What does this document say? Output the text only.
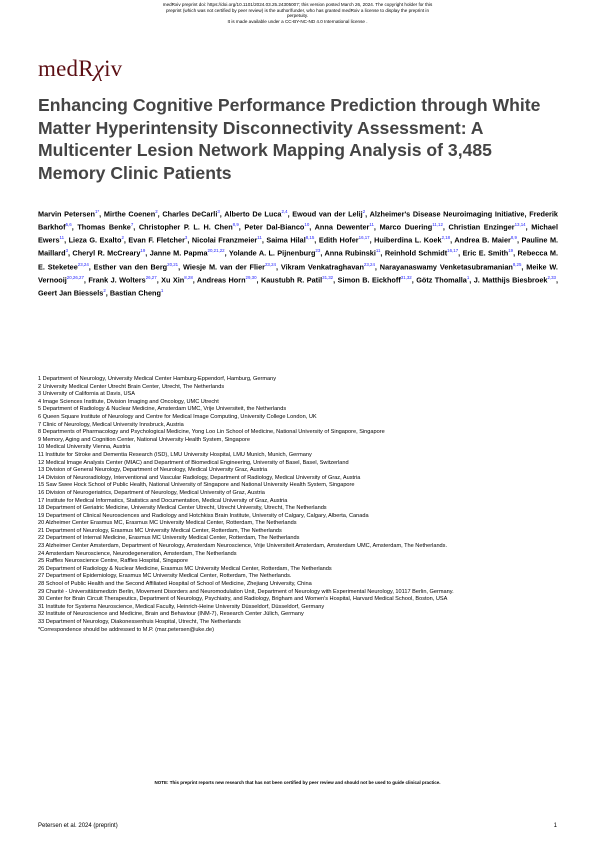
medRxiv preprint doi: https://doi.org/10.1101/2024.03.25.24305007; this version posted March 26, 2024. The copyright holder for this
preprint (which was not certified by peer review) is the author/funder, who has granted medRxiv a license to display the preprint in
perpetuity.
It is made available under a CC-BY-NC-ND 4.0 International license .
medRχiv
Enhancing Cognitive Performance Prediction through White Matter Hyperintensity Disconnectivity Assessment: A Multicenter Lesion Network Mapping Analysis of 3,485 Memory Clinic Patients
Marvin Petersen$^{1*}$, Mirthe Coenen$^2$, Charles DeCarli$^3$, Alberto De Luca$^{2,4}$, Ewoud van der Lelij$^2$, Alzheimer's Disease Neuroimaging Initiative, Frederik Barkhof$^{5,6}$, Thomas Benke$^7$, Christopher P. L. H. Chen$^{8,9}$, Peter Dal-Bianco$^{10}$, Anna Dewenter$^{11}$, Marco Duering$^{11,12}$, Christian Enzinger$^{13,14}$, Michael Ewers$^{11}$, Lieza G. Exalto$^2$, Evan F. Fletcher$^3$, Nicolai Franzmeier$^{11}$, Saima Hilal$^{8,15}$, Edith Hofer$^{16,17}$, Huiberdina L. Koek$^{2,18}$, Andrea B. Maier$^{8,9}$, Pauline M. Maillard$^3$, Cheryl R. McCreary$^{19}$, Janne M. Papma$^{20,21,22}$, Yolande A. L. Pijnenburg$^{23}$, Anna Rubinski$^{11}$, Reinhold Schmidt$^{16,17}$, Eric E. Smith$^{19}$, Rebecca M. E. Steketee$^{23,24}$, Esther van den Berg$^{20,21}$, Wiesje M. van der Flier$^{23,24}$, Vikram Venkatraghavan$^{23,24}$, Narayanaswamy Venketasubramanian$^{8,25}$, Meike W. Vernooij$^{20,26,27}$, Frank J. Wolters$^{26,27}$, Xu Xin$^{8,28}$, Andreas Horn$^{29,30}$, Kaustubh R. Patil$^{31,32}$, Simon B. Eickhoff$^{31,32}$, Götz Thomalla$^1$, J. Matthijs Biesbroek$^{2,33}$, Geert Jan Biessels$^2$, Bastian Cheng$^1$
1 Department of Neurology, University Medical Center Hamburg-Eppendorf, Hamburg, Germany
2 University Medical Center Utrecht Brain Center, Utrecht, The Netherlands
3 University of California at Davis, USA
4 Image Sciences Institute, Division Imaging and Oncology, UMC Utrecht
5 Department of Radiology & Nuclear Medicine, Amsterdam UMC, Vrije Universiteit, the Netherlands
6 Queen Square Institute of Neurology and Centre for Medical Image Computing, University College London, UK
7 Clinic of Neurology, Medical University Innsbruck, Austria
8 Departments of Pharmacology and Psychological Medicine, Yong Loo Lin School of Medicine, National University of Singapore, Singapore
9 Memory, Aging and Cognition Center, National University Health System, Singapore
10 Medical University Vienna, Austria
11 Institute for Stroke and Dementia Research (ISD), LMU University Hospital, LMU Munich, Munich, Germany
12 Medical Image Analysis Center (MIAC) and Department of Biomedical Engineering, University of Basel, Basel, Switzerland
13 Division of General Neurology, Department of Neurology, Medical University Graz, Austria
14 Division of Neuroradiology, Interventional and Vascular Radiology, Department of Radiology, Medical University of Graz, Austria
15 Saw Swee Hock School of Public Health, National University of Singapore and National University Health System, Singapore
16 Division of Neurogeriatrics, Department of Neurology, Medical University of Graz, Austria
17 Institute for Medical Informatics, Statistics and Documentation, Medical University of Graz, Austria
18 Department of Geriatric Medicine, University Medical Center Utrecht, Utrecht University, Utrecht, The Netherlands
19 Department of Clinical Neurosciences and Radiology and Hotchkiss Brain Institute, University of Calgary, Calgary, Alberta, Canada
20 Alzheimer Center Erasmus MC, Erasmus MC University Medical Center, Rotterdam, The Netherlands
21 Department of Neurology, Erasmus MC University Medical Center, Rotterdam, The Netherlands
22 Department of Internal Medicine, Erasmus MC University Medical Center, Rotterdam, The Netherlands
23 Alzheimer Center Amsterdam, Department of Neurology, Amsterdam Neuroscience, Vrije Universiteit Amsterdam, Amsterdam UMC, Amsterdam, The Netherlands.
24 Amsterdam Neuroscience, Neurodegeneration, Amsterdam, The Netherlands
25 Raffles Neuroscience Centre, Raffles Hospital, Singapore
26 Department of Radiology & Nuclear Medicine, Erasmus MC University Medical Center, Rotterdam, The Netherlands
27 Department of Epidemiology, Erasmus MC University Medical Center, Rotterdam, The Netherlands.
28 School of Public Health and the Second Affiliated Hospital of School of Medicine, Zhejiang University, China
29 Charité - Universitätsmedizin Berlin, Movement Disorders and Neuromodulation Unit, Department of Neurology with Experimental Neurology, 10117 Berlin, Germany.
30 Center for Brain Circuit Therapeutics, Department of Neurology, Psychiatry, and Radiology, Brigham and Women's Hospital, Harvard Medical School, Boston, USA
31 Institute for Systems Neuroscience, Medical Faculty, Heinrich-Heine University Düsseldorf, Düsseldorf, Germany
32 Institute of Neuroscience and Medicine, Brain and Behaviour (INM-7), Research Center Jülich, Germany
33 Department of Neurology, Diakonessenhuis Hospital, Utrecht, The Netherlands
*Correspondence should be addressed to M.P. (mar.petersen@uke.de)
NOTE: This preprint reports new research that has not been certified by peer review and should not be used to guide clinical practice.
Petersen et al. 2024 (preprint)	1
